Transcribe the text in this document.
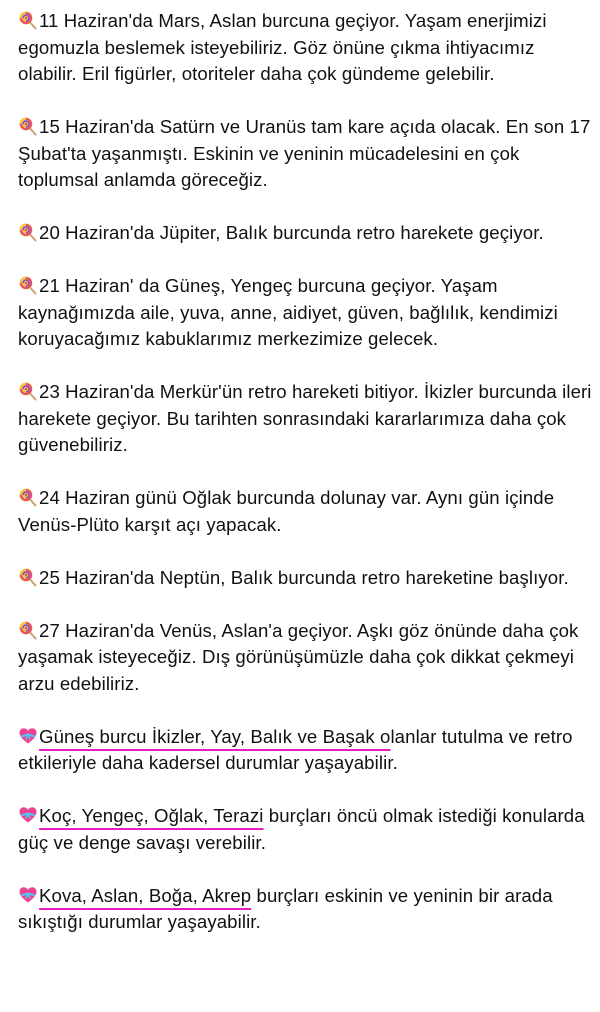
11 Haziran'da Mars, Aslan burcuna geçiyor. Yaşam enerjimizi egomuzla beslemek isteyebiliriz. Göz önüne çıkma ihtiyacımız olabilir. Eril figürler, otoriteler daha çok gündeme gelebilir.

15 Haziran'da Satürn ve Uranüs tam kare açıda olacak. En son 17 Şubat'ta yaşanmıştı. Eskinin ve yeninin mücadelesini en çok toplumsal anlamda göreceğiz.

20 Haziran'da Jüpiter, Balık burcunda retro harekete geçiyor.

21 Haziran' da Güneş, Yengeç burcuna geçiyor. Yaşam kaynağımızda aile, yuva, anne, aidiyet, güven, bağlılık, kendimizi koruyacağımız kabuklarımız merkezimize gelecek.

23 Haziran'da Merkür'ün retro hareketi bitiyor. İkizler burcunda ileri harekete geçiyor. Bu tarihten sonrasındaki kararlarımıza daha çok güvenebiliriz.

24 Haziran günü Oğlak burcunda dolunay var. Aynı gün içinde Venüs-Plüto karşıt açı yapacak.

25 Haziran'da Neptün, Balık burcunda retro hareketine başlıyor.

27 Haziran'da Venüs, Aslan'a geçiyor. Aşkı göz önünde daha çok yaşamak isteyeceğiz. Dış görünüşümüzle daha çok dikkat çekmeyi arzu edebiliriz.

Güneş burcu İkizler, Yay, Balık ve Başak olanlar tutulma ve retro etkileriyle daha kadersel durumlar yaşayabilir.

Koç, Yengeç, Oğlak, Terazi burçları öncü olmak istediği konularda güç ve denge savaşı verebilir.

Kova, Aslan, Boğa, Akrep burçları eskinin ve yeninin bir arada sıkıştığı durumlar yaşayabilir.
